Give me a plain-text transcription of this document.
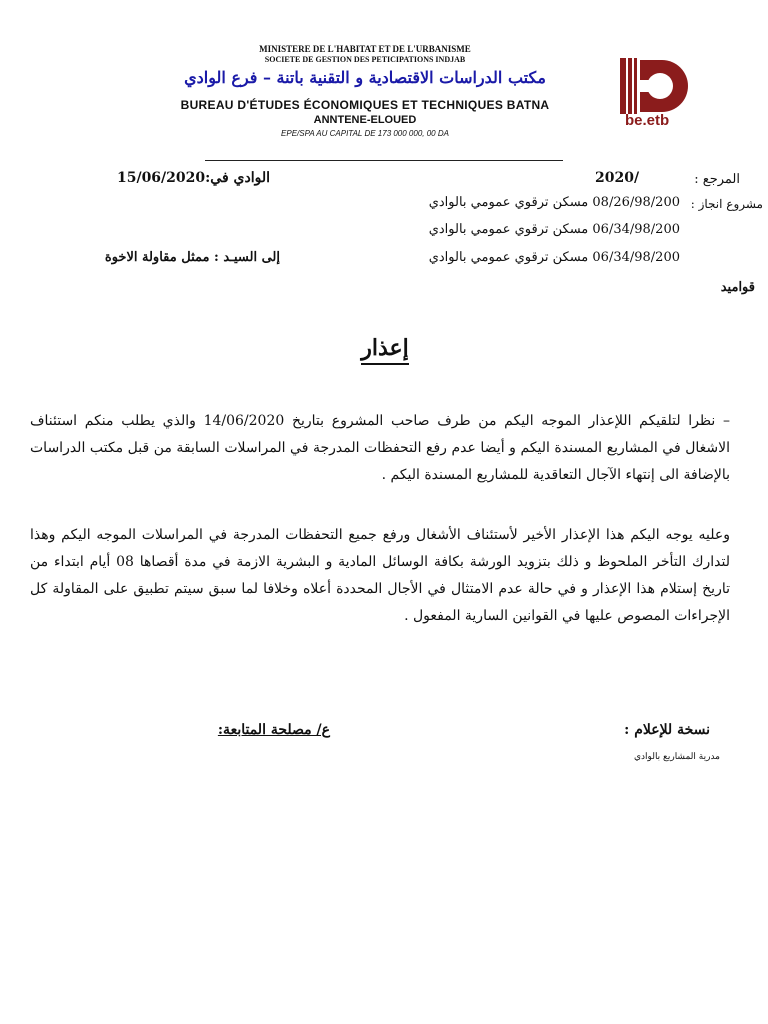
MINISTERE DE L'HABITAT ET DE L'URBANISME
SOCIETE DE GESTION DES PETICIPATIONS INDJAB
مكتب الدراسات الاقتصادية و التقنية باتنة – فرع الوادي
BUREAU D'ÉTUDES ÉCONOMIQUES ET TECHNIQUES BATNA
ANNTENE-ELOUED
EPE/SPA AU CAPITAL DE 173 000 000, 00 DA
be.etb
المرجع :
2020/
الوادي في:15/06/2020
مشروع انجاز :
08/26/98/200 مسكن ترقوي عمومي بالوادي
06/34/98/200 مسكن ترقوي عمومي بالوادي
06/34/98/200 مسكن ترقوي عمومي بالوادي
إلى السيـد : ممثل مقاولة الاخوة
قواميد
إعذار

– نظرا لتلقيكم اللإعذار الموجه اليكم من طرف صاحب المشروع بتاريخ 14/06/2020 والذي يطلب منكم استئناف الاشغال في المشاريع المسندة اليكم و أيضا عدم رفع التحفظات المدرجة في المراسلات السابقة من قبل مكتب الدراسات بالإضافة الى إنتهاء الآجال التعاقدية للمشاريع المسندة اليكم .

وعليه يوجه اليكم هذا الإعذار الأخير لأستئناف الأشغال ورفع جميع التحفظات المدرجة في المراسلات الموجه اليكم وهذا لتدارك التأخر الملحوظ و ذلك بتزويد الورشة بكافة الوسائل المادية و البشرية الازمة في مدة أقصاها 08 أيام ابتداء من تاريخ إستلام هذا الإعذار و في حالة عدم الامتثال في الأجال المحددة أعلاه وخلافا لما سبق سيتم تطبيق على المقاولة كل الإجراءات المصوص عليها في القوانين السارية المفعول .

نسخة للإعلام :
مدرية المشاريع بالوادي
ع/ مصلحة المتابعة:
